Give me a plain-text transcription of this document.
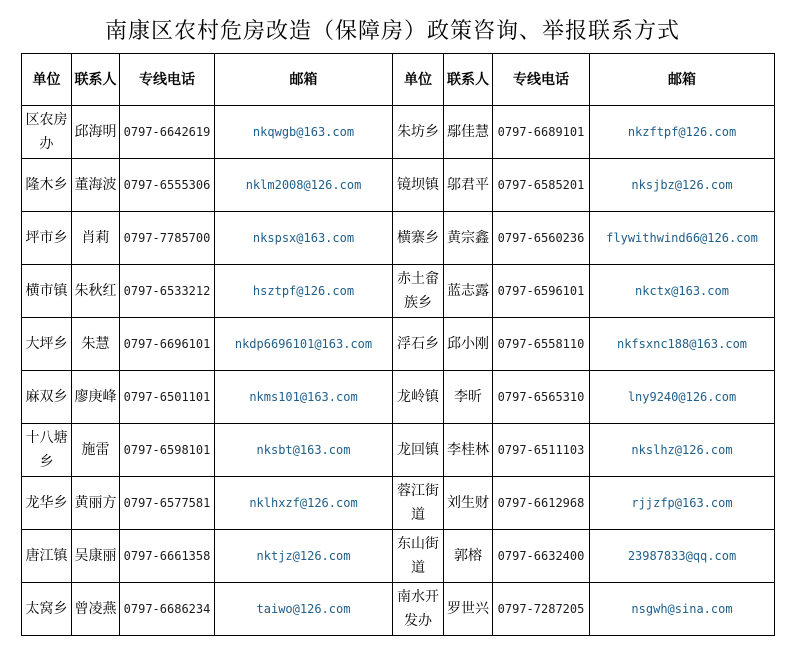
南康区农村危房改造（保障房）政策咨询、举报联系方式
单位	联系人	专线电话	邮箱	单位	联系人	专线电话	邮箱
区农房办	邱海明	0797-6642619	nkqwgb@163.com	朱坊乡	鄢佳慧	0797-6689101	nkzftpf@126.com
隆木乡	董海波	0797-6555306	nklm2008@126.com	镜坝镇	邬君平	0797-6585201	nksjbz@126.com
坪市乡	肖莉	0797-7785700	nkspsx@163.com	横寨乡	黄宗鑫	0797-6560236	flywithwind66@126.com
横市镇	朱秋红	0797-6533212	hsztpf@126.com	赤土畲族乡	蓝志露	0797-6596101	nkctx@163.com
大坪乡	朱慧	0797-6696101	nkdp6696101@163.com	浮石乡	邱小刚	0797-6558110	nkfsxnc188@163.com
麻双乡	廖庚峰	0797-6501101	nkms101@163.com	龙岭镇	李昕	0797-6565310	lny9240@126.com
十八塘乡	施雷	0797-6598101	nksbt@163.com	龙回镇	李桂林	0797-6511103	nkslhz@126.com
龙华乡	黄丽方	0797-6577581	nklhxzf@126.com	蓉江街道	刘生财	0797-6612968	rjjzfp@163.com
唐江镇	吴康丽	0797-6661358	nktjz@126.com	东山街道	郭榕	0797-6632400	23987833@qq.com
太窝乡	曾凌燕	0797-6686234	taiwo@126.com	南水开发办	罗世兴	0797-7287205	nsgwh@sina.com
